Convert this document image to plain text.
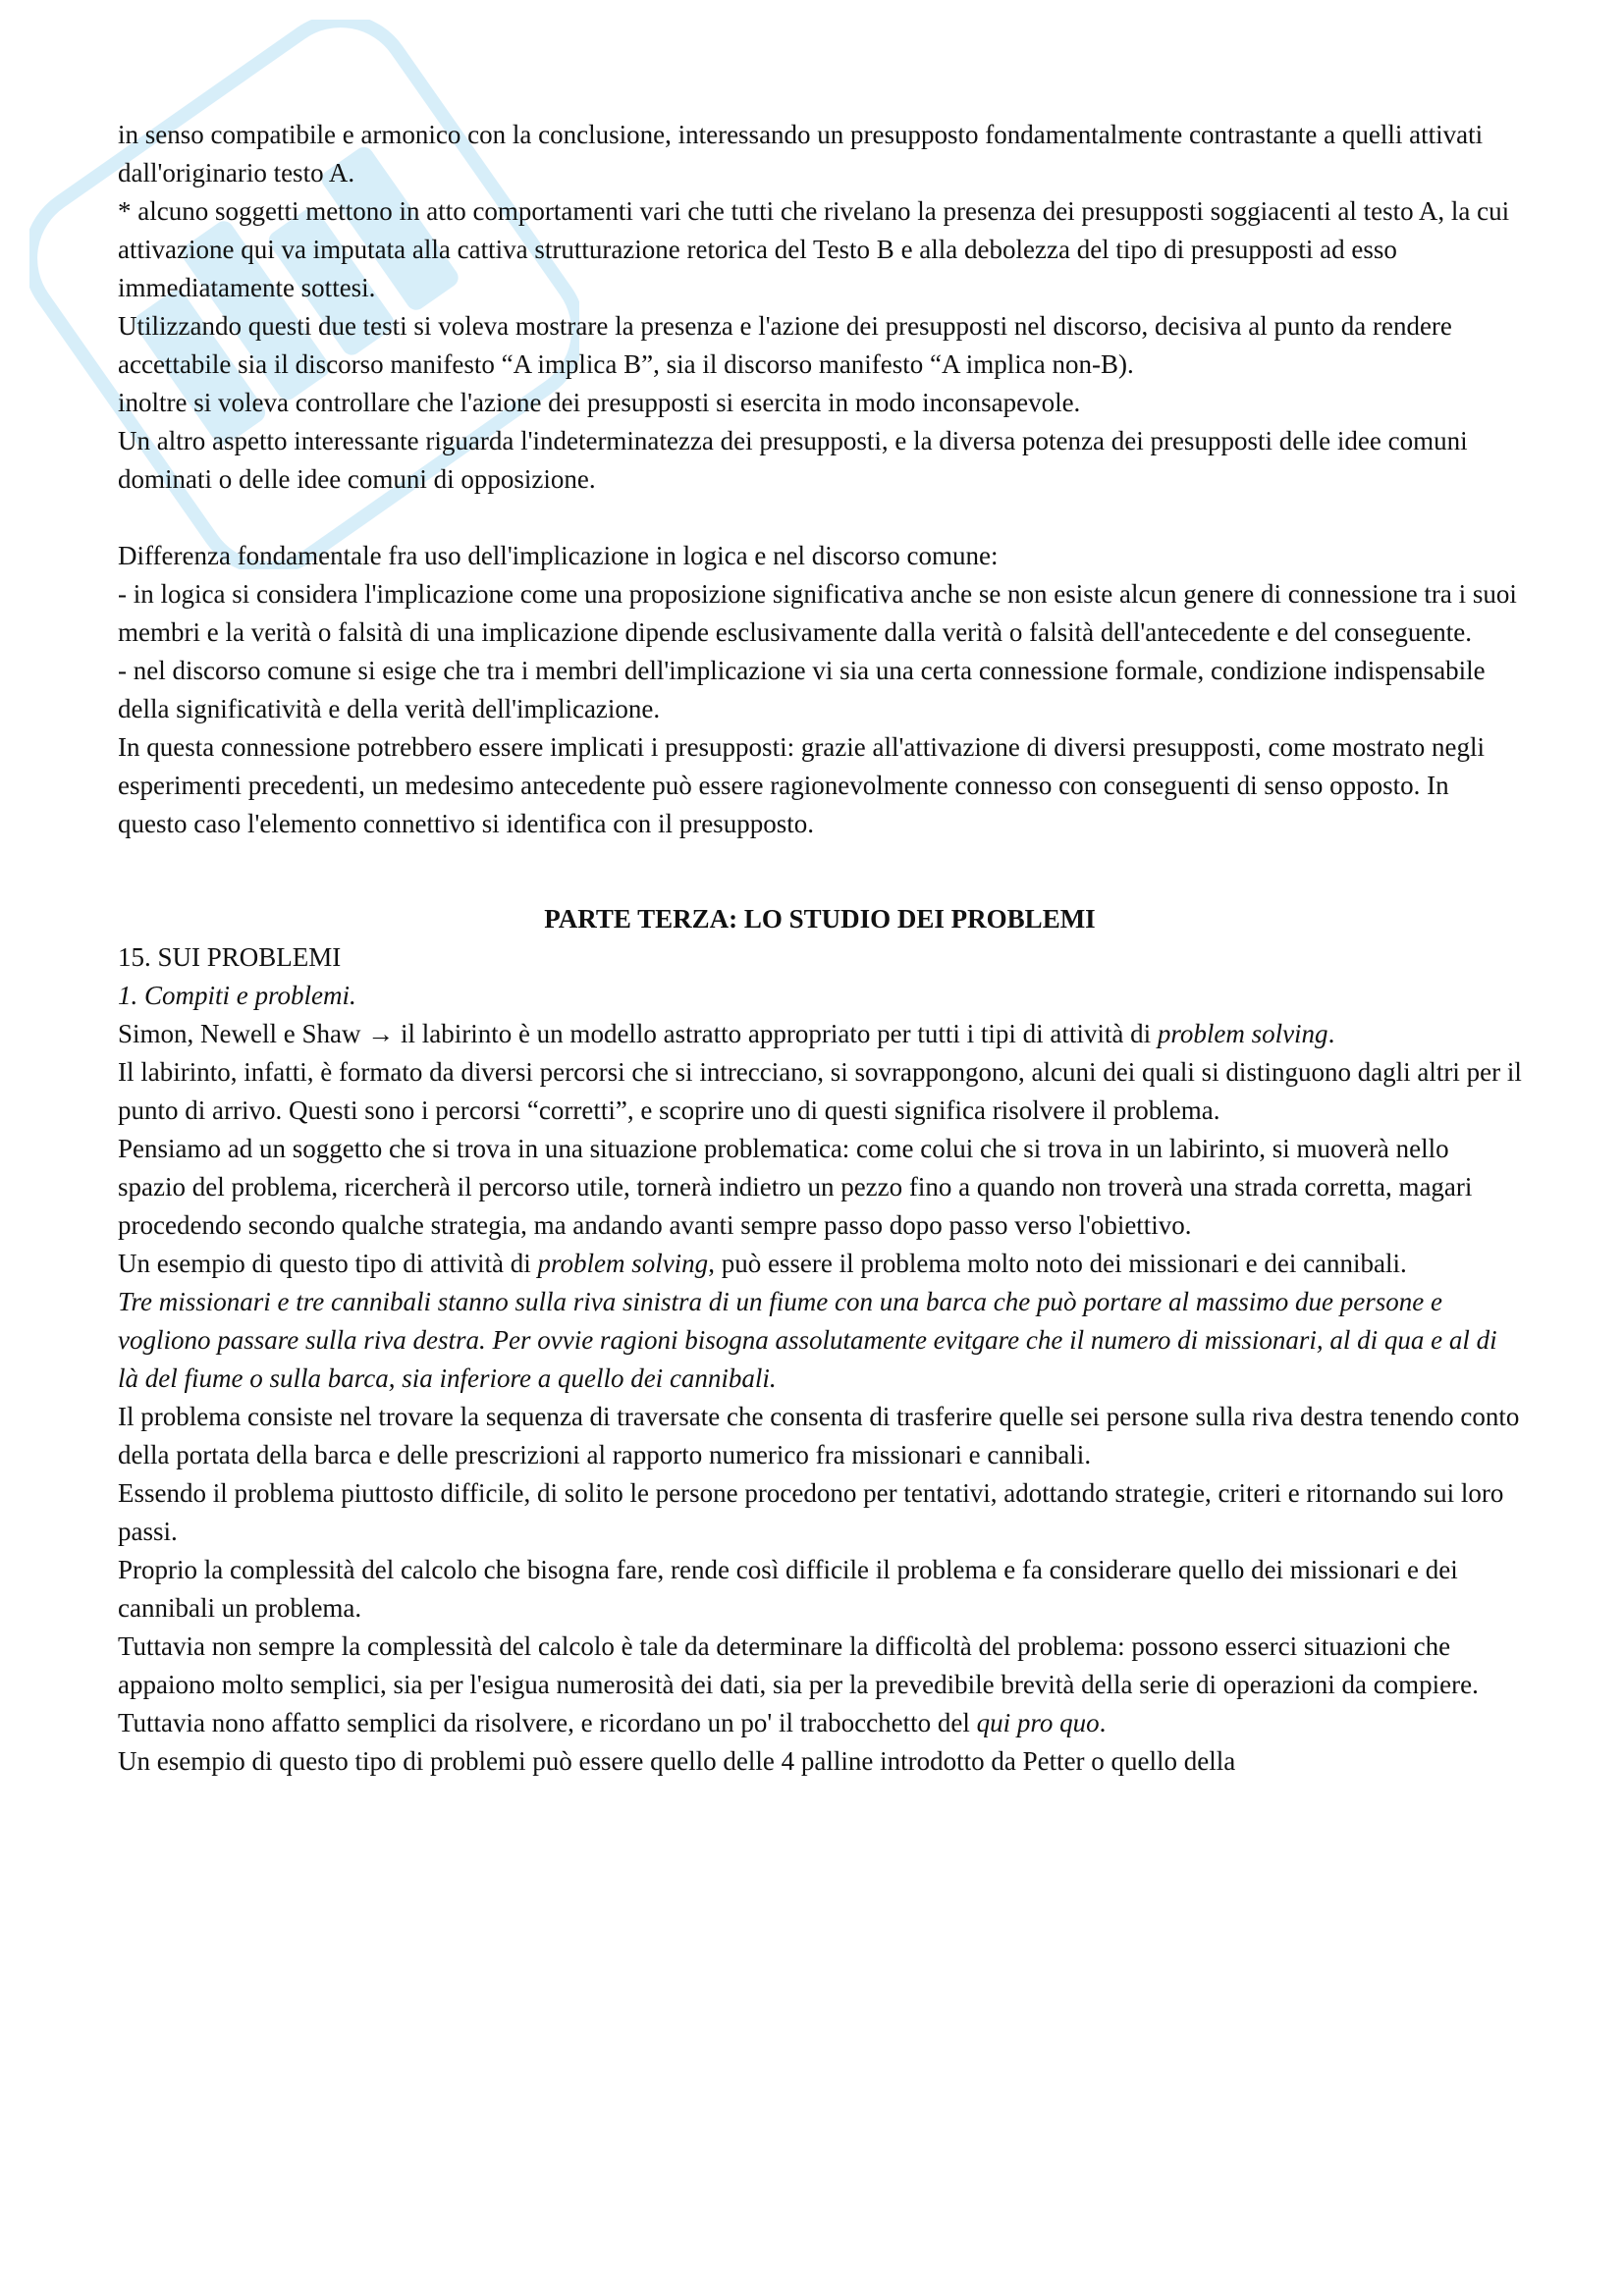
in senso compatibile e armonico con la conclusione, interessando un presupposto fondamentalmente contrastante a quelli attivati dall'originario testo A.

* alcuno soggetti mettono in atto comportamenti vari che tutti che rivelano la presenza dei presupposti soggiacenti al testo A, la cui attivazione qui va imputata alla cattiva strutturazione retorica del Testo B e alla debolezza del tipo di presupposti ad esso immediatamente sottesi.

Utilizzando questi due testi si voleva mostrare la presenza e l'azione dei presupposti nel discorso, decisiva al punto da rendere accettabile sia il discorso manifesto “A implica B”, sia il discorso manifesto “A implica non-B).

inoltre si voleva controllare che l'azione dei presupposti si esercita in modo inconsapevole.

Un altro aspetto interessante riguarda l'indeterminatezza dei presupposti, e la diversa potenza dei presupposti delle idee comuni dominati o delle idee comuni di opposizione.

Differenza fondamentale fra uso dell'implicazione in logica e nel discorso comune:

- in logica si considera l'implicazione come una proposizione significativa anche se non esiste alcun genere di connessione tra i suoi membri e la verità o falsità di una implicazione dipende esclusivamente dalla verità o falsità dell'antecedente e del conseguente.

- nel discorso comune si esige che tra i membri dell'implicazione vi sia una certa connessione formale, condizione indispensabile della significatività e della verità dell'implicazione.

In questa connessione potrebbero essere implicati i presupposti: grazie all'attivazione di diversi presupposti, come mostrato negli esperimenti precedenti, un medesimo antecedente può essere ragionevolmente connesso con conseguenti di senso opposto. In questo caso l'elemento connettivo si identifica con il presupposto.

PARTE TERZA: LO STUDIO DEI PROBLEMI

15. SUI PROBLEMI

1. Compiti e problemi.

Simon, Newell e Shaw → il labirinto è un modello astratto appropriato per tutti i tipi di attività di problem solving.

Il labirinto, infatti, è formato da diversi percorsi che si intrecciano, si sovrappongono, alcuni dei quali si distinguono dagli altri per il punto di arrivo. Questi sono i percorsi “corretti”, e scoprire uno di questi significa risolvere il problema.

Pensiamo ad un soggetto che si trova in una situazione problematica: come colui che si trova in un labirinto, si muoverà nello spazio del problema, ricercherà il percorso utile, tornerà indietro un pezzo fino a quando non troverà una strada corretta, magari procedendo secondo qualche strategia, ma andando avanti sempre passo dopo passo verso l'obiettivo.

Un esempio di questo tipo di attività di problem solving, può essere il problema molto noto dei missionari e dei cannibali.

Tre missionari e tre cannibali stanno sulla riva sinistra di un fiume con una barca che può portare al massimo due persone e vogliono passare sulla riva destra. Per ovvie ragioni bisogna assolutamente evitgare che il numero di missionari, al di qua e al di là del fiume o sulla barca, sia inferiore a quello dei cannibali.

Il problema consiste nel trovare la sequenza di traversate che consenta di trasferire quelle sei persone sulla riva destra tenendo conto della portata della barca e delle prescrizioni al rapporto numerico fra missionari e cannibali.

Essendo il problema piuttosto difficile, di solito le persone procedono per tentativi, adottando strategie, criteri e ritornando sui loro passi.

Proprio la complessità del calcolo che bisogna fare, rende così difficile il problema e fa considerare quello dei missionari e dei cannibali un problema.

Tuttavia non sempre la complessità del calcolo è tale da determinare la difficoltà del problema: possono esserci situazioni che appaiono molto semplici, sia per l'esigua numerosità dei dati, sia per la prevedibile brevità della serie di operazioni da compiere. Tuttavia nono affatto semplici da risolvere, e ricordano un po' il trabocchetto del qui pro quo.

Un esempio di questo tipo di problemi può essere quello delle 4 palline introdotto da Petter o quello della
